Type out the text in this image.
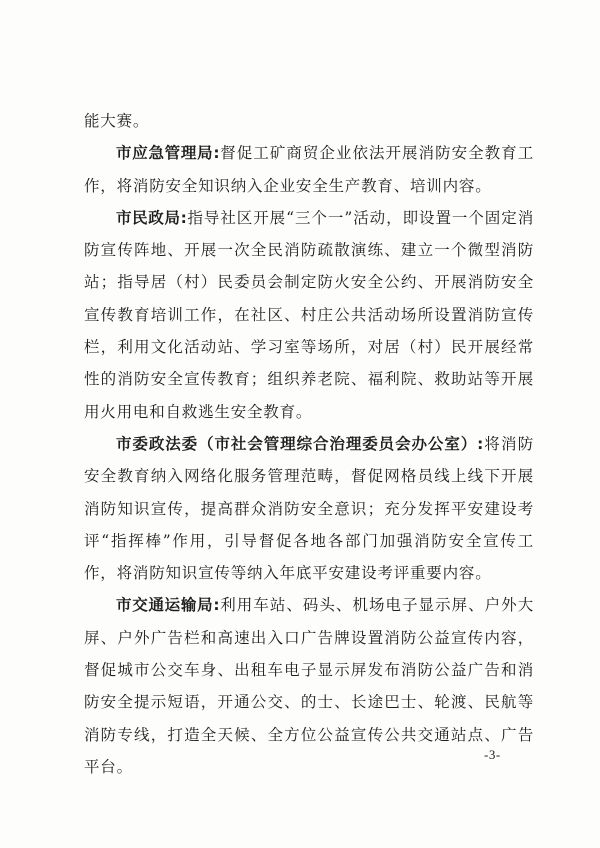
能大赛。

市应急管理局:督促工矿商贸企业依法开展消防安全教育工作，将消防安全知识纳入企业安全生产教育、培训内容。

市民政局:指导社区开展“三个一”活动，即设置一个固定消防宣传阵地、开展一次全民消防疏散演练、建立一个微型消防站；指导居（村）民委员会制定防火安全公约、开展消防安全宣传教育培训工作，在社区、村庄公共活动场所设置消防宣传栏，利用文化活动站、学习室等场所，对居（村）民开展经常性的消防安全宣传教育；组织养老院、福利院、救助站等开展用火用电和自救逃生安全教育。

市委政法委（市社会管理综合治理委员会办公室）:将消防安全教育纳入网络化服务管理范畴，督促网格员线上线下开展消防知识宣传，提高群众消防安全意识；充分发挥平安建设考评“指挥棒”作用，引导督促各地各部门加强消防安全宣传工作，将消防知识宣传等纳入年底平安建设考评重要内容。

市交通运输局:利用车站、码头、机场电子显示屏、户外大屏、户外广告栏和高速出入口广告牌设置消防公益宣传内容，督促城市公交车身、出租车电子显示屏发布消防公益广告和消防安全提示短语，开通公交、的士、长途巴士、轮渡、民航等消防专线，打造全天候、全方位公益宣传公共交通站点、广告平台。

-3-
